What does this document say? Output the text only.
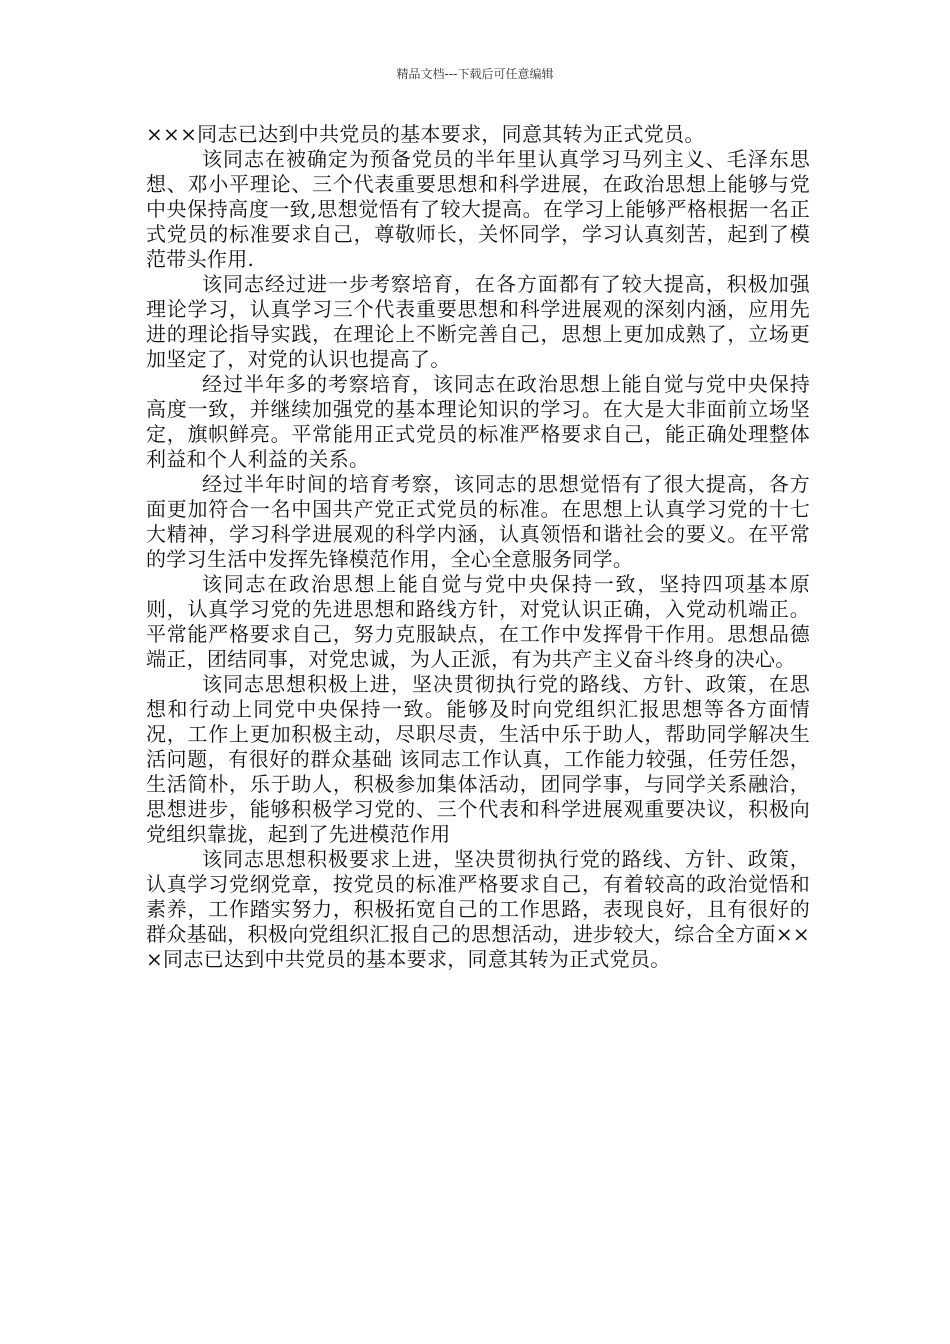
精品文档---下载后可任意编辑

×××同志已达到中共党员的基本要求，同意其转为正式党员。

该同志在被确定为预备党员的半年里认真学习马列主义、毛泽东思想、邓小平理论、三个代表重要思想和科学进展，在政治思想上能够与党中央保持高度一致,思想觉悟有了较大提高。在学习上能够严格根据一名正式党员的标准要求自己，尊敬师长，关怀同学，学习认真刻苦，起到了模范带头作用.

该同志经过进一步考察培育，在各方面都有了较大提高，积极加强理论学习，认真学习三个代表重要思想和科学进展观的深刻内涵，应用先进的理论指导实践，在理论上不断完善自己，思想上更加成熟了，立场更加坚定了，对党的认识也提高了。

经过半年多的考察培育，该同志在政治思想上能自觉与党中央保持高度一致，并继续加强党的基本理论知识的学习。在大是大非面前立场坚定，旗帜鲜亮。平常能用正式党员的标准严格要求自己，能正确处理整体利益和个人利益的关系。

经过半年时间的培育考察，该同志的思想觉悟有了很大提高，各方面更加符合一名中国共产党正式党员的标准。在思想上认真学习党的十七大精神，学习科学进展观的科学内涵，认真领悟和谐社会的要义。在平常的学习生活中发挥先锋模范作用，全心全意服务同学。

该同志在政治思想上能自觉与党中央保持一致，坚持四项基本原则，认真学习党的先进思想和路线方针，对党认识正确，入党动机端正。平常能严格要求自己，努力克服缺点，在工作中发挥骨干作用。思想品德端正，团结同事，对党忠诚，为人正派，有为共产主义奋斗终身的决心。

该同志思想积极上进，坚决贯彻执行党的路线、方针、政策，在思想和行动上同党中央保持一致。能够及时向党组织汇报思想等各方面情况，工作上更加积极主动，尽职尽责，生活中乐于助人，帮助同学解决生活问题，有很好的群众基础 该同志工作认真，工作能力较强，任劳任怨，生活简朴，乐于助人，积极参加集体活动，团同学事，与同学关系融洽，思想进步，能够积极学习党的、三个代表和科学进展观重要决议，积极向党组织靠拢，起到了先进模范作用

该同志思想积极要求上进，坚决贯彻执行党的路线、方针、政策，认真学习党纲党章，按党员的标准严格要求自己，有着较高的政治觉悟和素养，工作踏实努力，积极拓宽自己的工作思路，表现良好，且有很好的群众基础，积极向党组织汇报自己的思想活动，进步较大，综合全方面×××同志已达到中共党员的基本要求，同意其转为正式党员。
